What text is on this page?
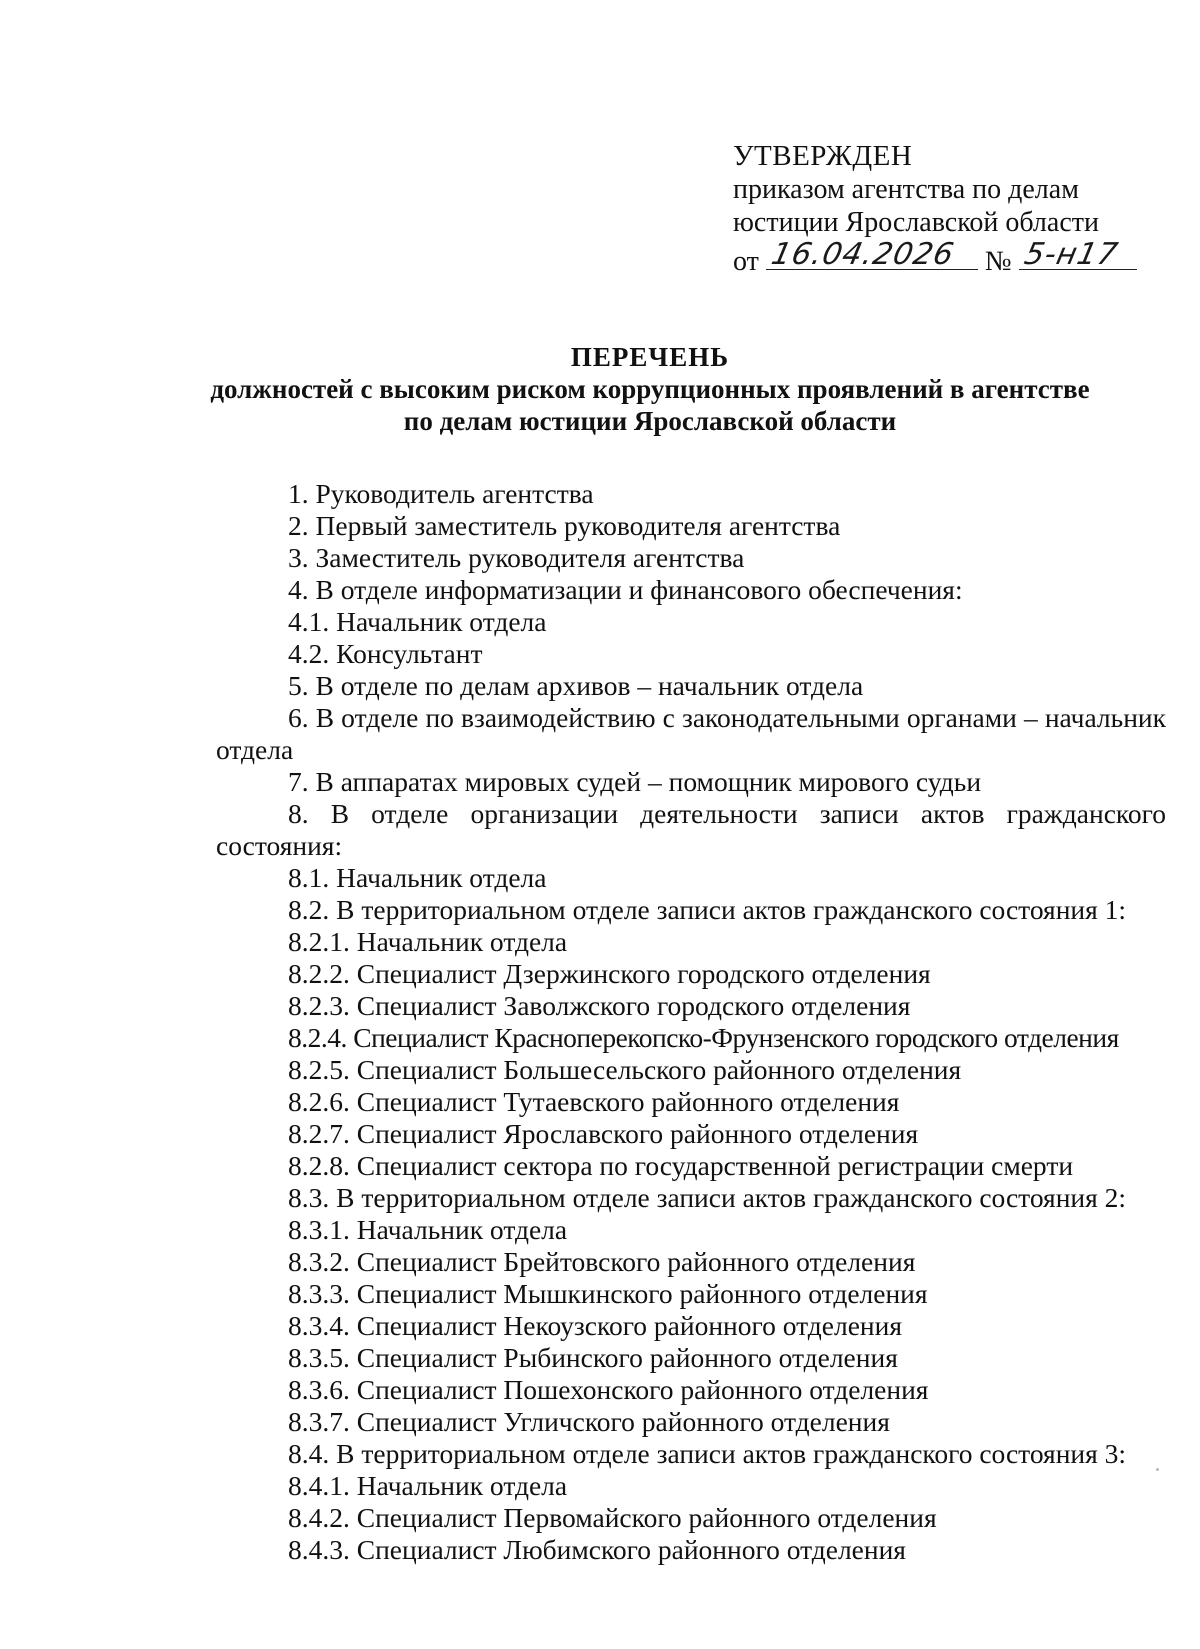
УТВЕРЖДЕН
приказом агентства по делам
юстиции Ярославской области
от 16.04.2026 № 5-н17
ПЕРЕЧЕНЬ
должностей с высоким риском коррупционных проявлений в агентстве
по делам юстиции Ярославской области
1. Руководитель агентства
2. Первый заместитель руководителя агентства
3. Заместитель руководителя агентства
4. В отделе информатизации и финансового обеспечения:
4.1. Начальник отдела
4.2. Консультант
5. В отделе по делам архивов – начальник отдела
6. В отделе по взаимодействию с законодательными органами – начальник отдела
7. В аппаратах мировых судей – помощник мирового судьи
8. В отделе организации деятельности записи актов гражданского состояния:
8.1. Начальник отдела
8.2. В территориальном отделе записи актов гражданского состояния 1:
8.2.1. Начальник отдела
8.2.2. Специалист Дзержинского городского отделения
8.2.3. Специалист Заволжского городского отделения
8.2.4. Специалист Красноперекопско-Фрунзенского городского отделения
8.2.5. Специалист Большесельского районного отделения
8.2.6. Специалист Тутаевского районного отделения
8.2.7. Специалист Ярославского районного отделения
8.2.8. Специалист сектора по государственной регистрации смерти
8.3. В территориальном отделе записи актов гражданского состояния 2:
8.3.1. Начальник отдела
8.3.2. Специалист Брейтовского районного отделения
8.3.3. Специалист Мышкинского районного отделения
8.3.4. Специалист Некоузского районного отделения
8.3.5. Специалист Рыбинского районного отделения
8.3.6. Специалист Пошехонского районного отделения
8.3.7. Специалист Угличского районного отделения
8.4. В территориальном отделе записи актов гражданского состояния 3:
8.4.1. Начальник отдела
8.4.2. Специалист Первомайского районного отделения
8.4.3. Специалист Любимского районного отделения
